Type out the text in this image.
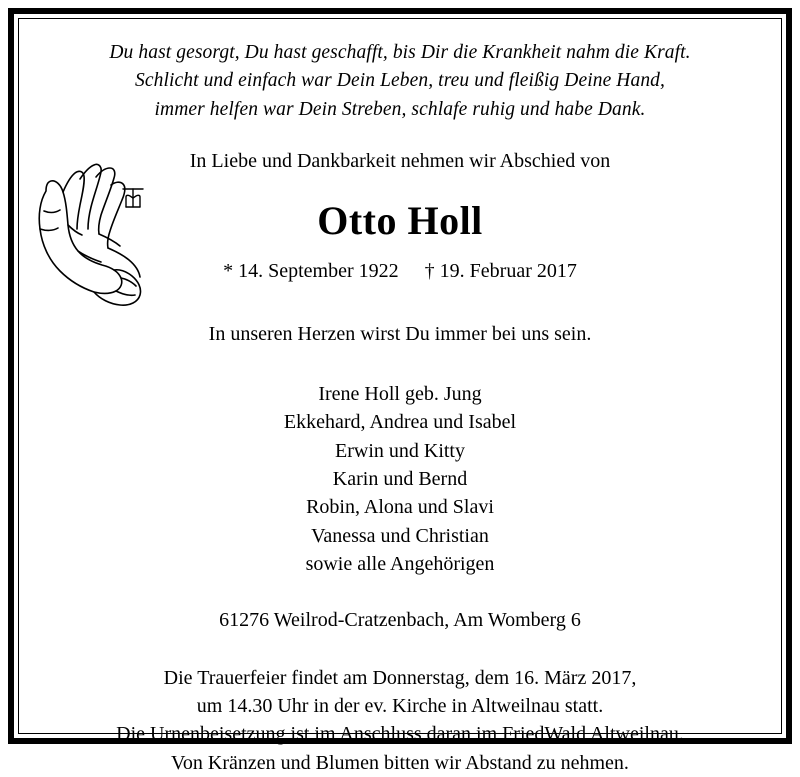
Du hast gesorgt, Du hast geschafft, bis Dir die Krankheit nahm die Kraft.
Schlicht und einfach war Dein Leben, treu und fleißig Deine Hand,
immer helfen war Dein Streben, schlafe ruhig und habe Dank.
In Liebe und Dankbarkeit nehmen wir Abschied von
Otto Holl
* 14. September 1922 † 19. Februar 2017
In unseren Herzen wirst Du immer bei uns sein.
Irene Holl geb. Jung
Ekkehard, Andrea und Isabel
Erwin und Kitty
Karin und Bernd
Robin, Alona und Slavi
Vanessa und Christian
sowie alle Angehörigen
61276 Weilrod-Cratzenbach, Am Womberg 6
Die Trauerfeier findet am Donnerstag, dem 16. März 2017,
um 14.30 Uhr in der ev. Kirche in Altweilnau statt.
Die Urnenbeisetzung ist im Anschluss daran im FriedWald Altweilnau.
Von Kränzen und Blumen bitten wir Abstand zu nehmen.
